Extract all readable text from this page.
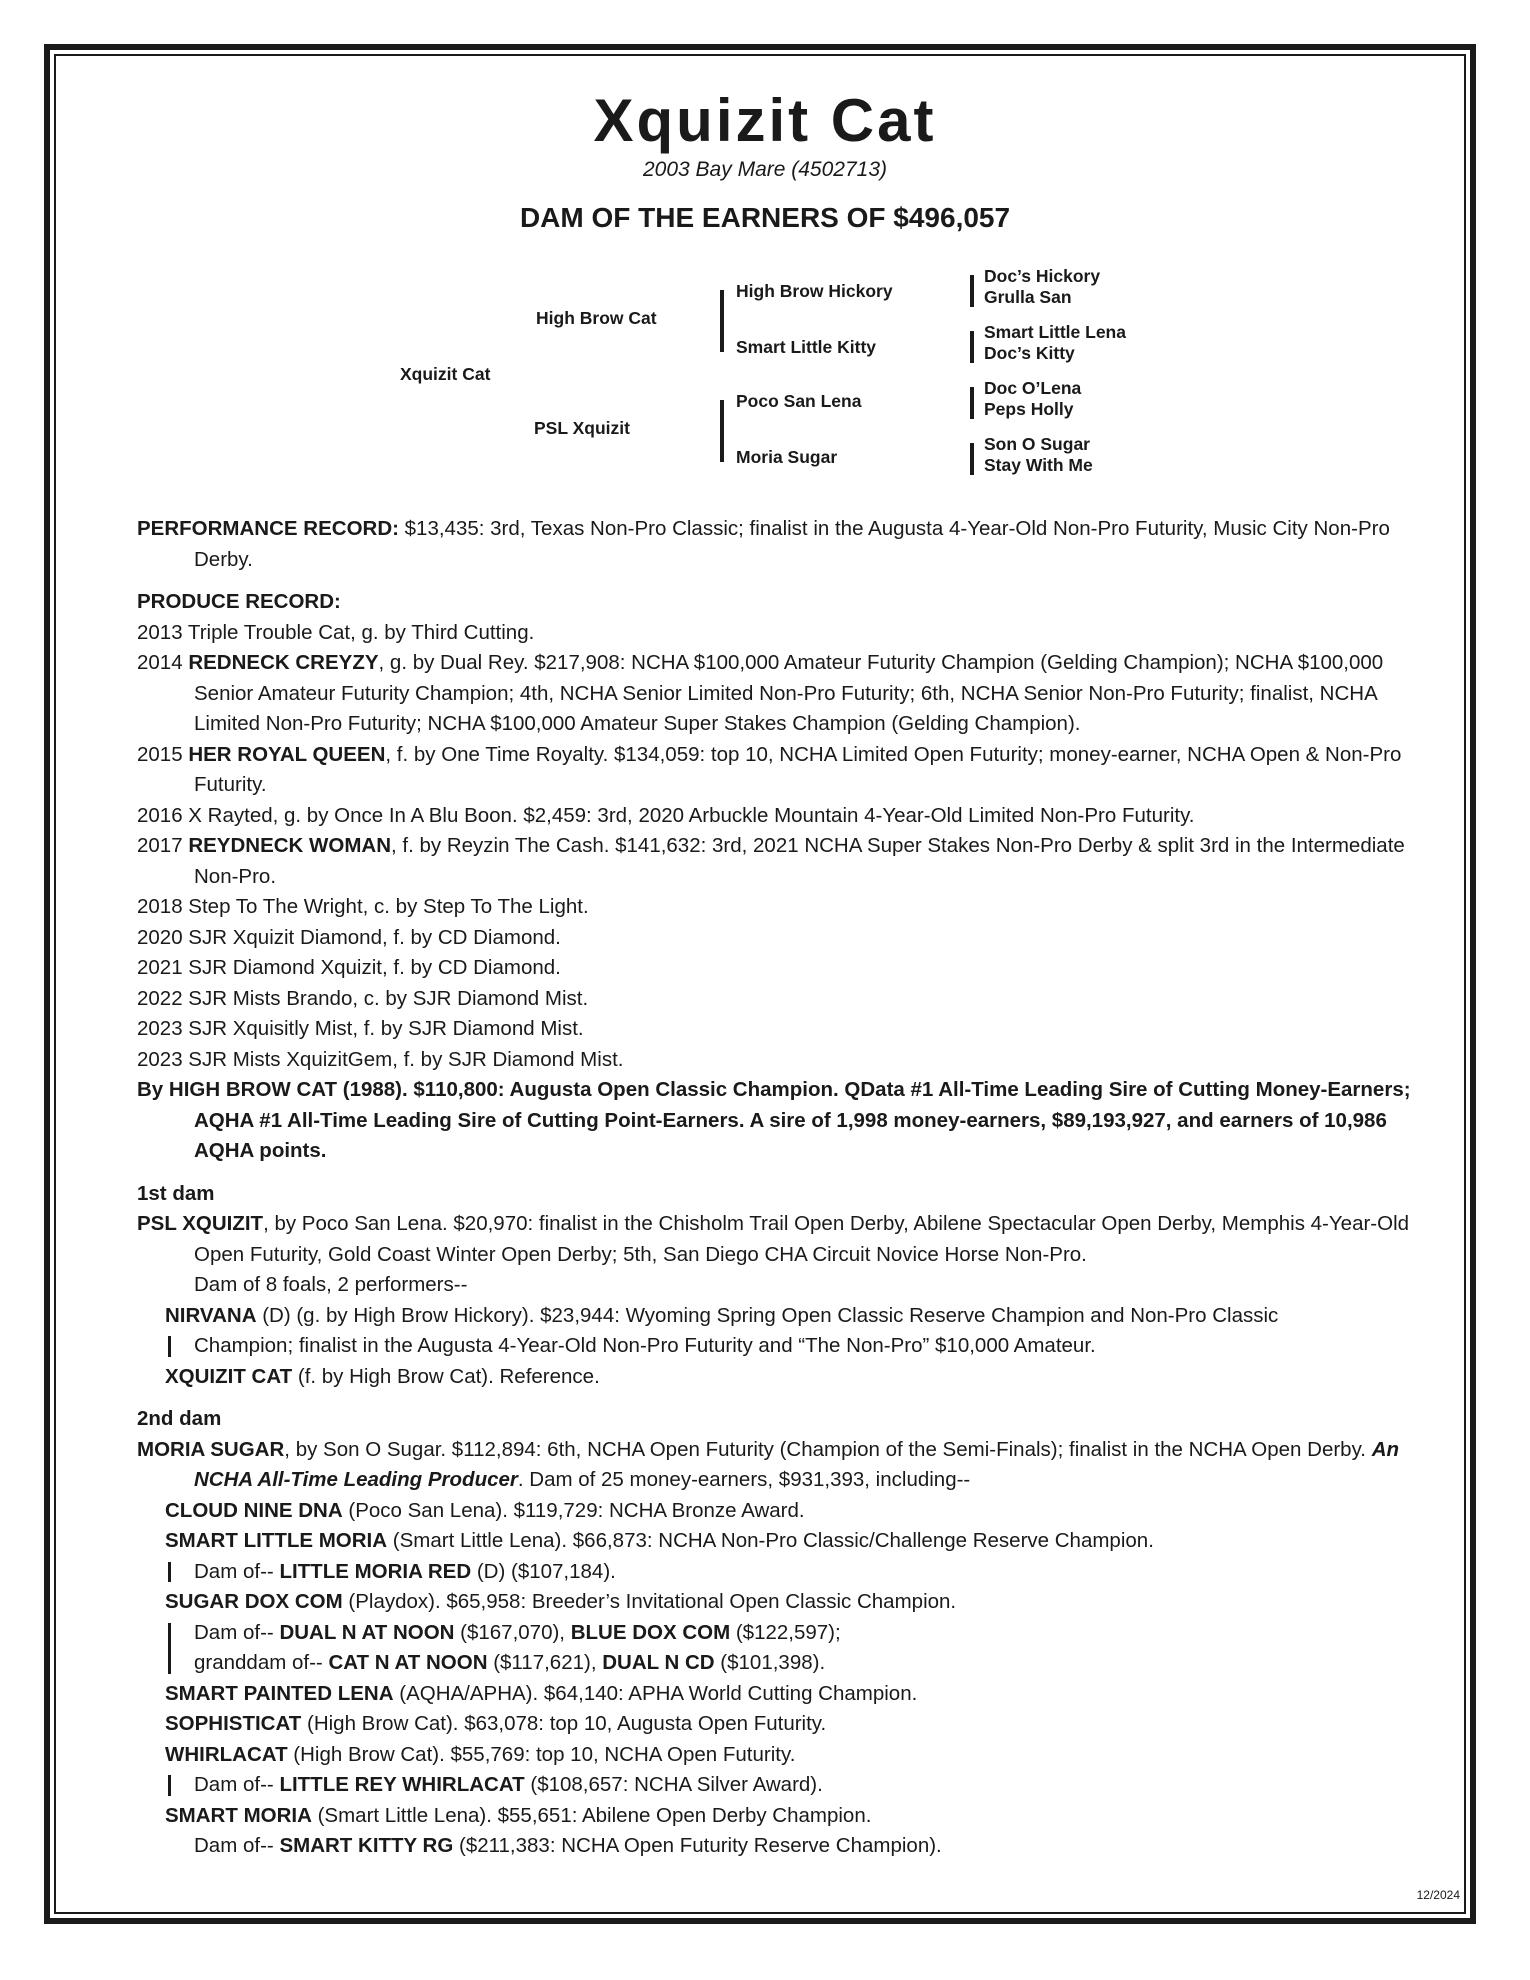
Xquizit Cat
2003 Bay Mare (4502713)
DAM OF THE EARNERS OF $496,057
Xquizit Cat
High Brow Cat
PSL Xquizit
High Brow Hickory
Smart Little Kitty
Poco San Lena
Moria Sugar
Doc’s Hickory
Grulla San
Smart Little Lena
Doc’s Kitty
Doc O’Lena
Peps Holly
Son O Sugar
Stay With Me

PERFORMANCE RECORD: $13,435: 3rd, Texas Non-Pro Classic; finalist in the Augusta 4-Year-Old Non-Pro Futurity, Music City Non-Pro Derby.

PRODUCE RECORD:

2013 Triple Trouble Cat, g. by Third Cutting.

2014 REDNECK CREYZY, g. by Dual Rey. $217,908: NCHA $100,000 Amateur Futurity Champion (Gelding Champion); NCHA $100,000 Senior Amateur Futurity Champion; 4th, NCHA Senior Limited Non-Pro Futurity; 6th, NCHA Senior Non-Pro Futurity; finalist, NCHA Limited Non-Pro Futurity; NCHA $100,000 Amateur Super Stakes Champion (Gelding Champion).

2015 HER ROYAL QUEEN, f. by One Time Royalty. $134,059: top 10, NCHA Limited Open Futurity; money-earner, NCHA Open & Non-Pro Futurity.

2016 X Rayted, g. by Once In A Blu Boon. $2,459: 3rd, 2020 Arbuckle Mountain 4-Year-Old Limited Non-Pro Futurity.

2017 REYDNECK WOMAN, f. by Reyzin The Cash. $141,632: 3rd, 2021 NCHA Super Stakes Non-Pro Derby & split 3rd in the Intermediate Non-Pro.

2018 Step To The Wright, c. by Step To The Light.

2020 SJR Xquizit Diamond, f. by CD Diamond.

2021 SJR Diamond Xquizit, f. by CD Diamond.

2022 SJR Mists Brando, c. by SJR Diamond Mist.

2023 SJR Xquisitly Mist, f. by SJR Diamond Mist.

2023 SJR Mists XquizitGem, f. by SJR Diamond Mist.

By HIGH BROW CAT (1988). $110,800: Augusta Open Classic Champion. QData #1 All-Time Leading Sire of Cutting Money-Earners; AQHA #1 All-Time Leading Sire of Cutting Point-Earners. A sire of 1,998 money-earners, $89,193,927, and earners of 10,986 AQHA points.

1st dam

PSL XQUIZIT, by Poco San Lena. $20,970: finalist in the Chisholm Trail Open Derby, Abilene Spectacular Open Derby, Memphis 4-Year-Old Open Futurity, Gold Coast Winter Open Derby; 5th, San Diego CHA Circuit Novice Horse Non-Pro.

Dam of 8 foals, 2 performers--

NIRVANA (D) (g. by High Brow Hickory). $23,944: Wyoming Spring Open Classic Reserve Champion and Non-Pro Classic

Champion; finalist in the Augusta 4-Year-Old Non-Pro Futurity and “The Non-Pro” $10,000 Amateur.

XQUIZIT CAT (f. by High Brow Cat). Reference.

2nd dam

MORIA SUGAR, by Son O Sugar. $112,894: 6th, NCHA Open Futurity (Champion of the Semi-Finals); finalist in the NCHA Open Derby. An NCHA All-Time Leading Producer. Dam of 25 money-earners, $931,393, including--

CLOUD NINE DNA (Poco San Lena). $119,729: NCHA Bronze Award.

SMART LITTLE MORIA (Smart Little Lena). $66,873: NCHA Non-Pro Classic/Challenge Reserve Champion.

Dam of-- LITTLE MORIA RED (D) ($107,184).

SUGAR DOX COM (Playdox). $65,958: Breeder’s Invitational Open Classic Champion.

Dam of-- DUAL N AT NOON ($167,070), BLUE DOX COM ($122,597);

granddam of-- CAT N AT NOON ($117,621), DUAL N CD ($101,398).

SMART PAINTED LENA (AQHA/APHA). $64,140: APHA World Cutting Champion.

SOPHISTICAT (High Brow Cat). $63,078: top 10, Augusta Open Futurity.

WHIRLACAT (High Brow Cat). $55,769: top 10, NCHA Open Futurity.

Dam of-- LITTLE REY WHIRLACAT ($108,657: NCHA Silver Award).

SMART MORIA (Smart Little Lena). $55,651: Abilene Open Derby Champion.

Dam of-- SMART KITTY RG ($211,383: NCHA Open Futurity Reserve Champion).

12/2024
